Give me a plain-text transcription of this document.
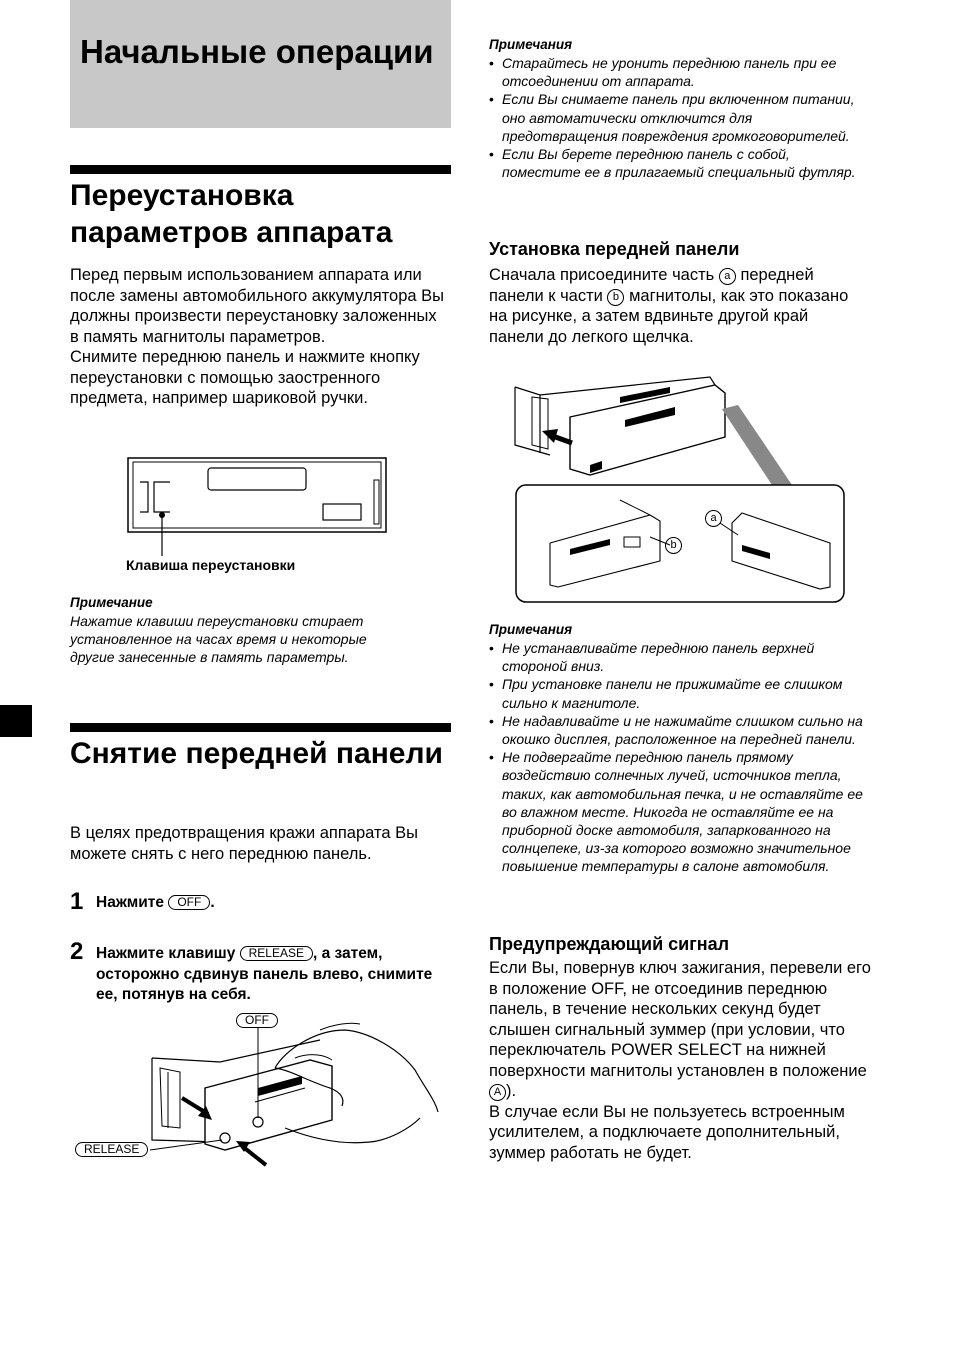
Начальные операции
Переустановка параметров аппарата
Перед первым использованием аппарата или после замены автомобильного аккумулятора Вы должны произвести переустановку заложенных в память магнитолы параметров.
Снимите переднюю панель и нажмите кнопку переустановки с помощью заостренного предмета, например шариковой ручки.
Клавиша переустановки
Примечание
Нажатие клавиши переустановки стирает установленное на часах время и некоторые другие занесенные в память параметры.
Снятие передней панели
В целях предотвращения кражи аппарата Вы можете снять с него переднюю панель.
1 Нажмите OFF .
2 Нажмите клавишу RELEASE , а затем, осторожно сдвинув панель влево, снимите ее, потянув на себя.
OFF
RELEASE
Примечания
• Старайтесь не уронить переднюю панель при ее отсоединении от аппарата.
• Если Вы снимаете панель при включенном питании, оно автоматически отключится для предотвращения повреждения громкоговорителей.
• Если Вы берете переднюю панель с собой, поместите ее в прилагаемый специальный футляр.
Установка передней панели
Сначала присоедините часть a передней панели к части b магнитолы, как это показано на рисунке, а затем вдвиньте другой край панели до легкого щелчка.
a
b
Примечания
• Не устанавливайте переднюю панель верхней стороной вниз.
• При установке панели не прижимайте ее слишком сильно к магнитоле.
• Не надавливайте и не нажимайте слишком сильно на окошко дисплея, расположенное на передней панели.
• Не подвергайте переднюю панель прямому воздействию солнечных лучей, источников тепла, таких, как автомобильная печка, и не оставляйте ее во влажном месте. Никогда не оставляйте ее на приборной доске автомобиля, запаркованного на солнцепеке, из-за которого возможно значительное повышение температуры в салоне автомобиля.
Предупреждающий сигнал
Если Вы, повернув ключ зажигания, перевели его в положение OFF, не отсоединив переднюю панель, в течение нескольких секунд будет слышен сигнальный зуммер (при условии, что переключатель POWER SELECT на нижней поверхности магнитолы установлен в положение A ).
В случае если Вы не пользуетесь встроенным усилителем, а подключаете дополнительный, зуммер работать не будет.
